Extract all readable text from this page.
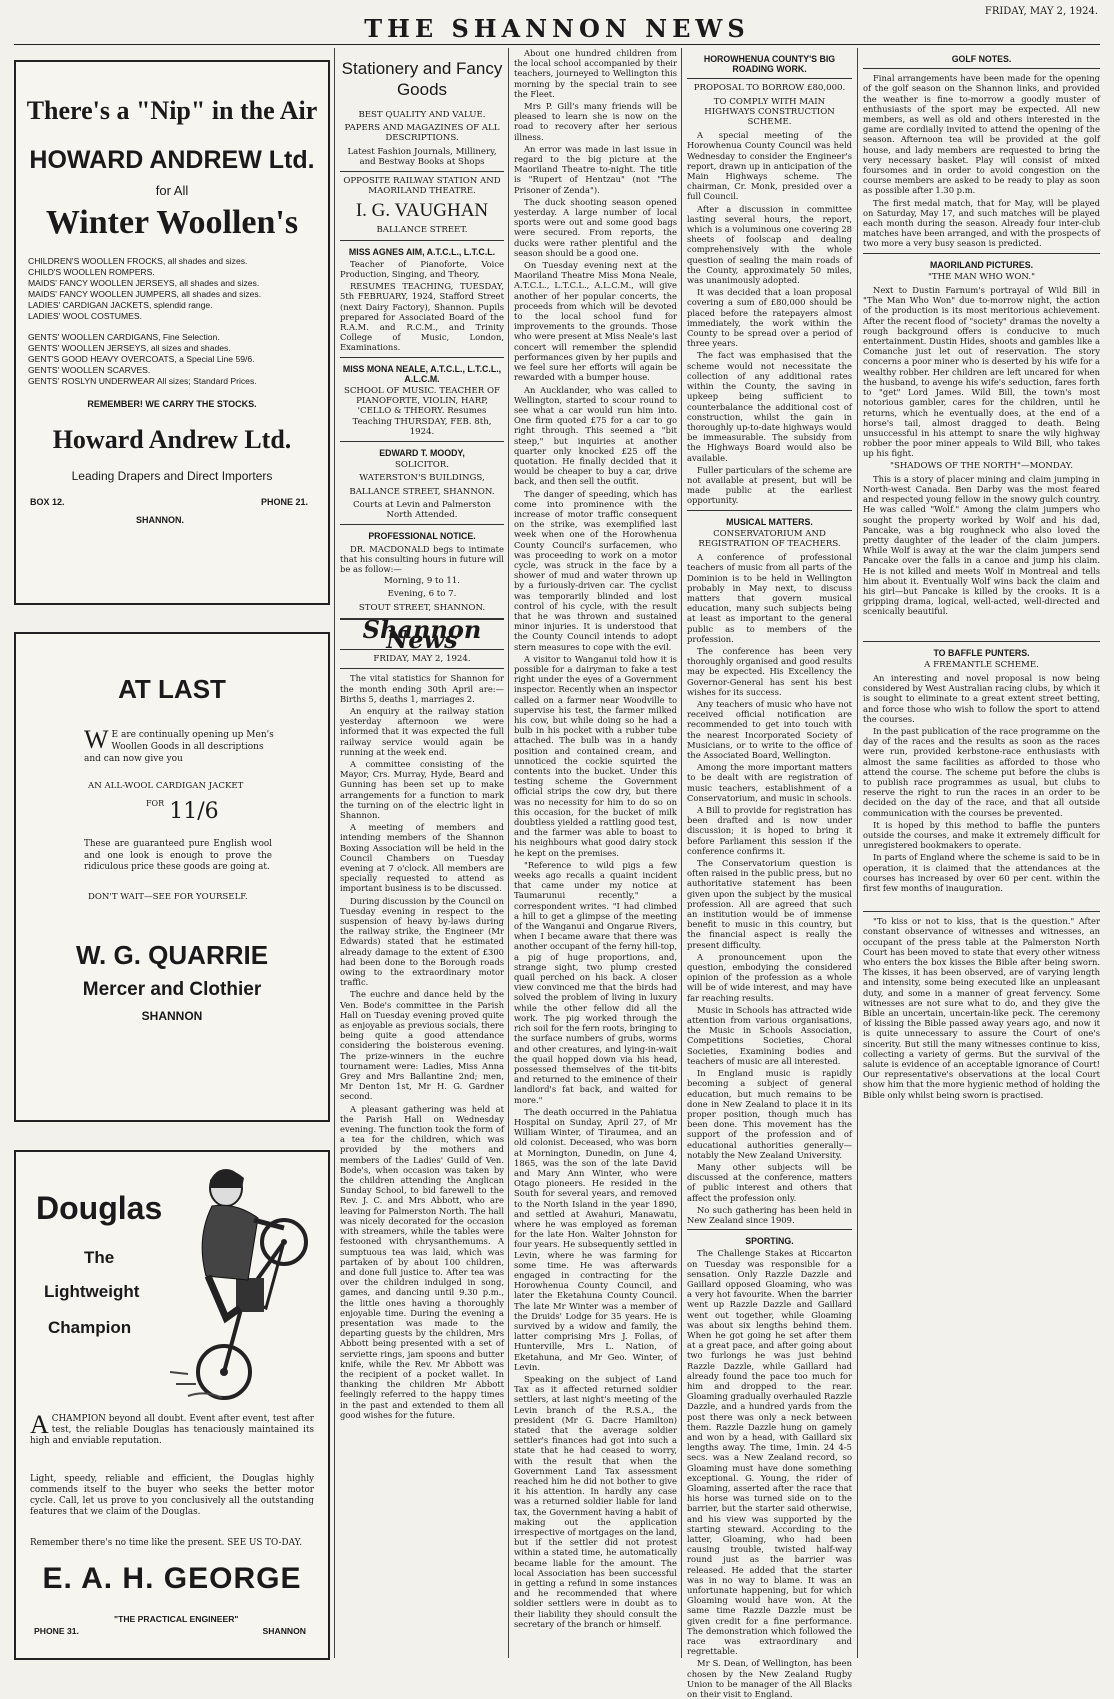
THE SHANNON NEWS
FRIDAY, MAY 2, 1924.
There's a "Nip" in the Air
HOWARD ANDREW Ltd.
for All
Winter Woollen's
CHILDREN'S WOOLLEN FROCKS, all shades and sizes.
CHILD'S WOOLLEN ROMPERS.
MAIDS' FANCY WOOLLEN JERSEYS, all shades and sizes.
MAIDS' FANCY WOOLLEN JUMPERS, all shades and sizes.
LADIES' CARDIGAN JACKETS, splendid range.
LADIES' WOOL COSTUMES.
GENTS' WOOLLEN CARDIGANS, Fine Selection.
GENTS' WOOLLEN JERSEYS, all sizes and shades.
GENT'S GOOD HEAVY OVERCOATS, a Special Line 59/6.
GENTS' WOOLLEN SCARVES.
GENTS' ROSLYN UNDERWEAR All sizes; Standard Prices.
REMEMBER! WE CARRY THE STOCKS.
Howard Andrew Ltd.
Leading Drapers and Direct Importers
BOX 12.	PHONE 21.
SHANNON.
AT LAST
W E are continually opening up Men's Woollen Goods in all descriptions and can now give you
AN ALL-WOOL CARDIGAN JACKET
$^{FOR}$ 11/6
These are guaranteed pure English wool and one look is enough to prove the ridiculous price these goods are going at.
DON'T WAIT—SEE FOR YOURSELF.
W. G. QUARRIE
Mercer and Clothier
SHANNON
Douglas
The
Lightweight
Champion
ACHAMPION beyond all doubt. Event after event, test after test, the reliable Douglas has tenaciously maintained its high and enviable reputation.
Light, speedy, reliable and efficient, the Douglas highly commends itself to the buyer who seeks the better motor cycle. Call, let us prove to you conclusively all the outstanding features that we claim of the Douglas.
Remember there's no time like the present. SEE US TO-DAY.
E. A. H. GEORGE
PHONE 31.
"THE PRACTICAL ENGINEER"
SHANNON
Stationery and Fancy Goods
BEST QUALITY AND VALUE.
PAPERS AND MAGAZINES OF ALL DESCRIPTIONS.
Latest Fashion Journals, Millinery, and Bestway Books at Shops
OPPOSITE RAILWAY STATION AND MAORILAND THEATRE.
I. G. VAUGHAN
BALLANCE STREET.
MISS AGNES AIM, A.T.C.L., L.T.C.L.

Teacher of Pianoforte, Voice Production, Singing, and Theory,

RESUMES TEACHING, TUESDAY, 5th FEBRUARY, 1924, Stafford Street (next Dairy Factory), Shannon. Pupils prepared for Associated Board of the R.A.M. and R.C.M., and Trinity College of Music, London, Examinations.

MISS MONA NEALE, A.T.C.L., L.T.C.L., A.L.C.M.
SCHOOL OF MUSIC. TEACHER OF PIANOFORTE, VIOLIN, HARP, 'CELLO & THEORY. Resumes Teaching THURSDAY, FEB. 8th, 1924.
EDWARD T. MOODY,
SOLICITOR.
WATERSTON'S BUILDINGS,
BALLANCE STREET, SHANNON.
Courts at Levin and Palmerston North Attended.
PROFESSIONAL NOTICE.

DR. MACDONALD begs to intimate that his consulting hours in future will be as follow:—

Morning, 9 to 11.
Evening, 6 to 7.
STOUT STREET, SHANNON.
Shannon News
FRIDAY, MAY 2, 1924.

The vital statistics for Shannon for the month ending 30th April are:—Births 5, deaths 1, marriages 2.

An enquiry at the railway station yesterday afternoon we were informed that it was expected the full railway service would again be running at the week end.

A committee consisting of the Mayor, Crs. Murray, Hyde, Beard and Gunning has been set up to make arrangements for a function to mark the turning on of the electric light in Shannon.

A meeting of members and intending members of the Shannon Boxing Association will be held in the Council Chambers on Tuesday evening at 7 o'clock. All members are specially requested to attend as important business is to be discussed.

During discussion by the Council on Tuesday evening in respect to the suspension of heavy by-laws during the railway strike, the Engineer (Mr Edwards) stated that he estimated already damage to the extent of £300 had been done to the Borough roads owing to the extraordinary motor traffic.

The euchre and dance held by the Ven. Bode's committee in the Parish Hall on Tuesday evening proved quite as enjoyable as previous socials, there being quite a good attendance considering the boisterous evening. The prize-winners in the euchre tournament were: Ladies, Miss Anna Grey and Mrs Ballantine 2nd; men, Mr Denton 1st, Mr H. G. Gardner second.

A pleasant gathering was held at the Parish Hall on Wednesday evening. The function took the form of a tea for the children, which was provided by the mothers and members of the Ladies' Guild of Ven. Bode's, when occasion was taken by the children attending the Anglican Sunday School, to bid farewell to the Rev. J. C. and Mrs Abbott, who are leaving for Palmerston North. The hall was nicely decorated for the occasion with streamers, while the tables were festooned with chrysanthemums. A sumptuous tea was laid, which was partaken of by about 100 children, and done full justice to. After tea was over the children indulged in song, games, and dancing until 9.30 p.m., the little ones having a thoroughly enjoyable time. During the evening a presentation was made to the departing guests by the children, Mrs Abbott being presented with a set of serviette rings, jam spoons and butter knife, while the Rev. Mr Abbott was the recipient of a pocket wallet. In thanking the children Mr Abbott feelingly referred to the happy times in the past and extended to them all good wishes for the future.

About one hundred children from the local school accompanied by their teachers, journeyed to Wellington this morning by the special train to see the Fleet.

Mrs P. Gill's many friends will be pleased to learn she is now on the road to recovery after her serious illness.

An error was made in last issue in regard to the big picture at the Maoriland Theatre to-night. The title is "Rupert of Hentzau" (not "The Prisoner of Zenda").

The duck shooting season opened yesterday. A large number of local sports were out and some good bags were secured. From reports, the ducks were rather plentiful and the season should be a good one.

On Tuesday evening next at the Maoriland Theatre Miss Mona Neale, A.T.C.L., L.T.C.L., A.L.C.M., will give another of her popular concerts, the proceeds from which will be devoted to the local school fund for improvements to the grounds. Those who were present at Miss Neale's last concert will remember the splendid performances given by her pupils and we feel sure her efforts will again be rewarded with a bumper house.

An Aucklander, who was called to Wellington, started to scour round to see what a car would run him into. One firm quoted £75 for a car to go right through. This seemed a "bit steep," but inquiries at another quarter only knocked £25 off the quotation. He finally decided that it would be cheaper to buy a car, drive back, and then sell the outfit.

The danger of speeding, which has come into prominence with the increase of motor traffic consequent on the strike, was exemplified last week when one of the Horowhenua County Council's surfacemen, who was proceeding to work on a motor cycle, was struck in the face by a shower of mud and water thrown up by a furiously-driven car. The cyclist was temporarily blinded and lost control of his cycle, with the result that he was thrown and sustained minor injuries. It is understood that the County Council intends to adopt stern measures to cope with the evil.

A visitor to Wanganui told how it is possible for a dairyman to fake a test right under the eyes of a Government inspector. Recently when an inspector called on a farmer near Woodville to supervise his test, the farmer milked his cow, but while doing so he had a bulb in his pocket with a rubber tube attached. The bulb was in a handy position and contained cream, and unnoticed the cockie squirted the contents into the bucket. Under this testing scheme the Government official strips the cow dry, but there was no necessity for him to do so on this occasion, for the bucket of milk doubtless yielded a rattling good test, and the farmer was able to boast to his neighbours what good dairy stock he kept on the premises.

"Reference to wild pigs a few weeks ago recalls a quaint incident that came under my notice at Taumarunui recently," a correspondent writes. "I had climbed a hill to get a glimpse of the meeting of the Wanganui and Ongarue Rivers, when I became aware that there was another occupant of the ferny hill-top, a pig of huge proportions, and, strange sight, two plump crested quail perched on his back. A closer view convinced me that the birds had solved the problem of living in luxury while the other fellow did all the work. The pig worked through the rich soil for the fern roots, bringing to the surface numbers of grubs, worms and other creatures, and lying-in-wait the quail hopped down via his head, possessed themselves of the tit-bits and returned to the eminence of their landlord's fat back, and waited for more."

The death occurred in the Pahiatua Hospital on Sunday, April 27, of Mr William Winter, of Tiraumea, and an old colonist. Deceased, who was born at Mornington, Dunedin, on June 4, 1865, was the son of the late David and Mary Ann Winter, who were Otago pioneers. He resided in the South for several years, and removed to the North Island in the year 1890, and settled at Awahuri, Manawatu, where he was employed as foreman for the late Hon. Walter Johnston for four years. He subsequently settled in Levin, where he was farming for some time. He was afterwards engaged in contracting for the Horowhenua County Council, and later the Eketahuna County Council. The late Mr Winter was a member of the Druids' Lodge for 35 years. He is survived by a widow and family, the latter comprising Mrs J. Follas, of Hunterville, Mrs L. Nation, of Eketahuna, and Mr Geo. Winter, of Levin.

Speaking on the subject of Land Tax as it affected returned soldier settlers, at last night's meeting of the Levin branch of the R.S.A., the president (Mr G. Dacre Hamilton) stated that the average soldier settler's finances had got into such a state that he had ceased to worry, with the result that when the Government Land Tax assessment reached him he did not bother to give it his attention. In hardly any case was a returned soldier liable for land tax, the Government having a habit of making out the application irrespective of mortgages on the land, but if the settler did not protest within a stated time, he automatically became liable for the amount. The local Association has been successful in getting a refund in some instances and he recommended that where soldier settlers were in doubt as to their liability they should consult the secretary of the branch or himself.

HOROWHENUA COUNTY'S BIG ROADING WORK.
PROPOSAL TO BORROW £80,000.
TO COMPLY WITH MAIN HIGHWAYS CONSTRUCTION SCHEME.

A special meeting of the Horowhenua County Council was held Wednesday to consider the Engineer's report, drawn up in anticipation of the Main Highways scheme. The chairman, Cr. Monk, presided over a full Council.

After a discussion in committee lasting several hours, the report, which is a voluminous one covering 28 sheets of foolscap and dealing comprehensively with the whole question of sealing the main roads of the County, approximately 50 miles, was unanimously adopted.

It was decided that a loan proposal covering a sum of £80,000 should be placed before the ratepayers almost immediately, the work within the County to be spread over a period of three years.

The fact was emphasised that the scheme would not necessitate the collection of any additional rates within the County, the saving in upkeep being sufficient to counterbalance the additional cost of construction, whilst the gain in thoroughly up-to-date highways would be immeasurable. The subsidy from the Highways Board would also be available.

Fuller particulars of the scheme are not available at present, but will be made public at the earliest opportunity.

MUSICAL MATTERS.
CONSERVATORIUM AND REGISTRATION OF TEACHERS.

A conference of professional teachers of music from all parts of the Dominion is to be held in Wellington probably in May next, to discuss matters that govern musical education, many such subjects being at least as important to the general public as to members of the profession.

The conference has been very thoroughly organised and good results may be expected. His Excellency the Governor-General has sent his best wishes for its success.

Any teachers of music who have not received official notification are recommended to get into touch with the nearest Incorporated Society of Musicians, or to write to the office of the Associated Board, Wellington.

Among the more important matters to be dealt with are registration of music teachers, establishment of a Conservatorium, and music in schools.

A Bill to provide for registration has been drafted and is now under discussion; it is hoped to bring it before Parliament this session if the conference confirms it.

The Conservatorium question is often raised in the public press, but no authoritative statement has been given upon the subject by the musical profession. All are agreed that such an institution would be of immense benefit to music in this country, but the financial aspect is really the present difficulty.

A pronouncement upon the question, embodying the considered opinion of the profession as a whole will be of wide interest, and may have far reaching results.

Music in Schools has attracted wide attention from various organisations, the Music in Schools Association, Competitions Societies, Choral Societies, Examining bodies and teachers of music are all interested.

In England music is rapidly becoming a subject of general education, but much remains to be done in New Zealand to place it in its proper position, though much has been done. This movement has the support of the profession and of educational authorities generally—notably the New Zealand University.

Many other subjects will be discussed at the conference, matters of public interest and others that affect the profession only.

No such gathering has been held in New Zealand since 1909.

SPORTING.

The Challenge Stakes at Riccarton on Tuesday was responsible for a sensation. Only Razzle Dazzle and Gaillard opposed Gloaming, who was a very hot favourite. When the barrier went up Razzle Dazzle and Gaillard went out together, while Gloaming was about six lengths behind them. When he got going he set after them at a great pace, and after going about two furlongs he was just behind Razzle Dazzle, while Gaillard had already found the pace too much for him and dropped to the rear. Gloaming gradually overhauled Razzle Dazzle, and a hundred yards from the post there was only a neck between them. Razzle Dazzle hung on gamely and won by a head, with Gaillard six lengths away. The time, 1min. 24 4-5 secs. was a New Zealand record, so Gloaming must have done something exceptional. G. Young, the rider of Gloaming, asserted after the race that his horse was turned side on to the barrier, but the starter said otherwise, and his view was supported by the starting steward. According to the latter, Gloaming, who had been causing trouble, twisted half-way round just as the barrier was released. He added that the starter was in no way to blame. It was an unfortunate happening, but for which Gloaming would have won. At the same time Razzle Dazzle must be given credit for a fine performance. The demonstration which followed the race was extraordinary and regrettable.

Mr S. Dean, of Wellington, has been chosen by the New Zealand Rugby Union to be manager of the All Blacks on their visit to England.

GOLF NOTES.

Final arrangements have been made for the opening of the golf season on the Shannon links, and provided the weather is fine to-morrow a goodly muster of enthusiasts of the sport may be expected. All new members, as well as old and others interested in the game are cordially invited to attend the opening of the season. Afternoon tea will be provided at the golf house, and lady members are requested to bring the very necessary basket. Play will consist of mixed foursomes and in order to avoid congestion on the course members are asked to be ready to play as soon as possible after 1.30 p.m.

The first medal match, that for May, will be played on Saturday, May 17, and such matches will be played each month during the season. Already four inter-club matches have been arranged, and with the prospects of two more a very busy season is predicted.

MAORILAND PICTURES.
"THE MAN WHO WON."

Next to Dustin Farnum's portrayal of Wild Bill in "The Man Who Won" due to-morrow night, the action of the production is its most meritorious achievement. After the recent flood of "society" dramas the novelty a rough background offers is conducive to much entertainment. Dustin Hides, shoots and gambles like a Comanche just let out of reservation. The story concerns a poor miner who is deserted by his wife for a wealthy robber. Her children are left uncared for when the husband, to avenge his wife's seduction, fares forth to "get" Lord James. Wild Bill, the town's most notorious gambler, cares for the children, until he returns, which he eventually does, at the end of a horse's tail, almost dragged to death. Being unsuccessful in his attempt to snare the wily highway robber the poor miner appeals to Wild Bill, who takes up his fight.

"SHADOWS OF THE NORTH"—MONDAY.

This is a story of placer mining and claim jumping in North-west Canada. Ben Darby was the most feared and respected young fellow in the snowy gulch country. He was called "Wolf." Among the claim jumpers who sought the property worked by Wolf and his dad, Pancake, was a big roughneck who also loved the pretty daughter of the leader of the claim jumpers. While Wolf is away at the war the claim jumpers send Pancake over the falls in a canoe and jump his claim. He is not killed and meets Wolf in Montreal and tells him about it. Eventually Wolf wins back the claim and his girl—but Pancake is killed by the crooks. It is a gripping drama, logical, well-acted, well-directed and scenically beautiful.

TO BAFFLE PUNTERS.
A FREMANTLE SCHEME.

An interesting and novel proposal is now being considered by West Australian racing clubs, by which it is sought to eliminate to a great extent street betting, and force those who wish to follow the sport to attend the courses.

In the past publication of the race programme on the day of the races and the results as soon as the races were run, provided kerbstone-race enthusiasts with almost the same facilities as afforded to those who attend the course. The scheme put before the clubs is to publish race programmes as usual, but clubs to reserve the right to run the races in an order to be decided on the day of the race, and that all outside communication with the courses be prevented.

It is hoped by this method to baffle the punters outside the courses, and make it extremely difficult for unregistered bookmakers to operate.

In parts of England where the scheme is said to be in operation, it is claimed that the attendances at the courses has increased by over 60 per cent. within the first few months of inauguration.

"To kiss or not to kiss, that is the question." After constant observance of witnesses and witnesses, an occupant of the press table at the Palmerston North Court has been moved to state that every other witness who enters the box kisses the Bible after being sworn. The kisses, it has been observed, are of varying length and intensity, some being executed like an unpleasant duty, and some in a manner of great fervency. Some witnesses are not sure what to do, and they give the Bible an uncertain, uncertain-like peck. The ceremony of kissing the Bible passed away years ago, and now it is quite unnecessary to assure the Court of one's sincerity. But still the many witnesses continue to kiss, collecting a variety of germs. But the survival of the salute is evidence of an acceptable ignorance of Court! Our representative's observations at the local Court show him that the more hygienic method of holding the Bible only whilst being sworn is practised.
